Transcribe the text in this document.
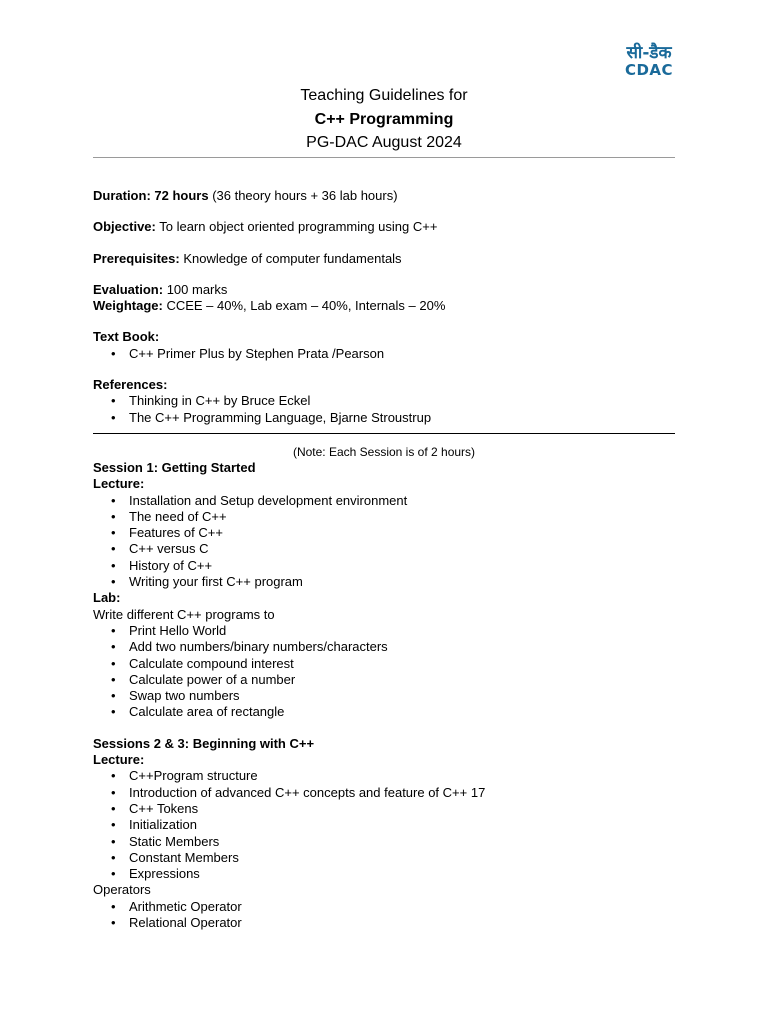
सी-डैक
CDAC
Teaching Guidelines for
C++ Programming
PG-DAC August 2024

Duration: 72 hours (36 theory hours + 36 lab hours)

Objective: To learn object oriented programming using C++

Prerequisites: Knowledge of computer fundamentals

Evaluation: 100 marks

Weightage: CCEE – 40%, Lab exam – 40%, Internals – 20%

Text Book:

• C++ Primer Plus by Stephen Prata /Pearson

References:

• Thinking in C++ by Bruce Eckel
• The C++ Programming Language, Bjarne Stroustrup

(Note: Each Session is of 2 hours)

Session 1: Getting Started

Lecture:

• Installation and Setup development environment
• The need of C++
• Features of C++
• C++ versus C
• History of C++
• Writing your first C++ program

Lab:

Write different C++ programs to

• Print Hello World
• Add two numbers/binary numbers/characters
• Calculate compound interest
• Calculate power of a number
• Swap two numbers
• Calculate area of rectangle

Sessions 2 & 3: Beginning with C++

Lecture:

• C++Program structure
• Introduction of advanced C++ concepts and feature of C++ 17
• C++ Tokens
• Initialization
• Static Members
• Constant Members
• Expressions

Operators

• Arithmetic Operator
• Relational Operator
